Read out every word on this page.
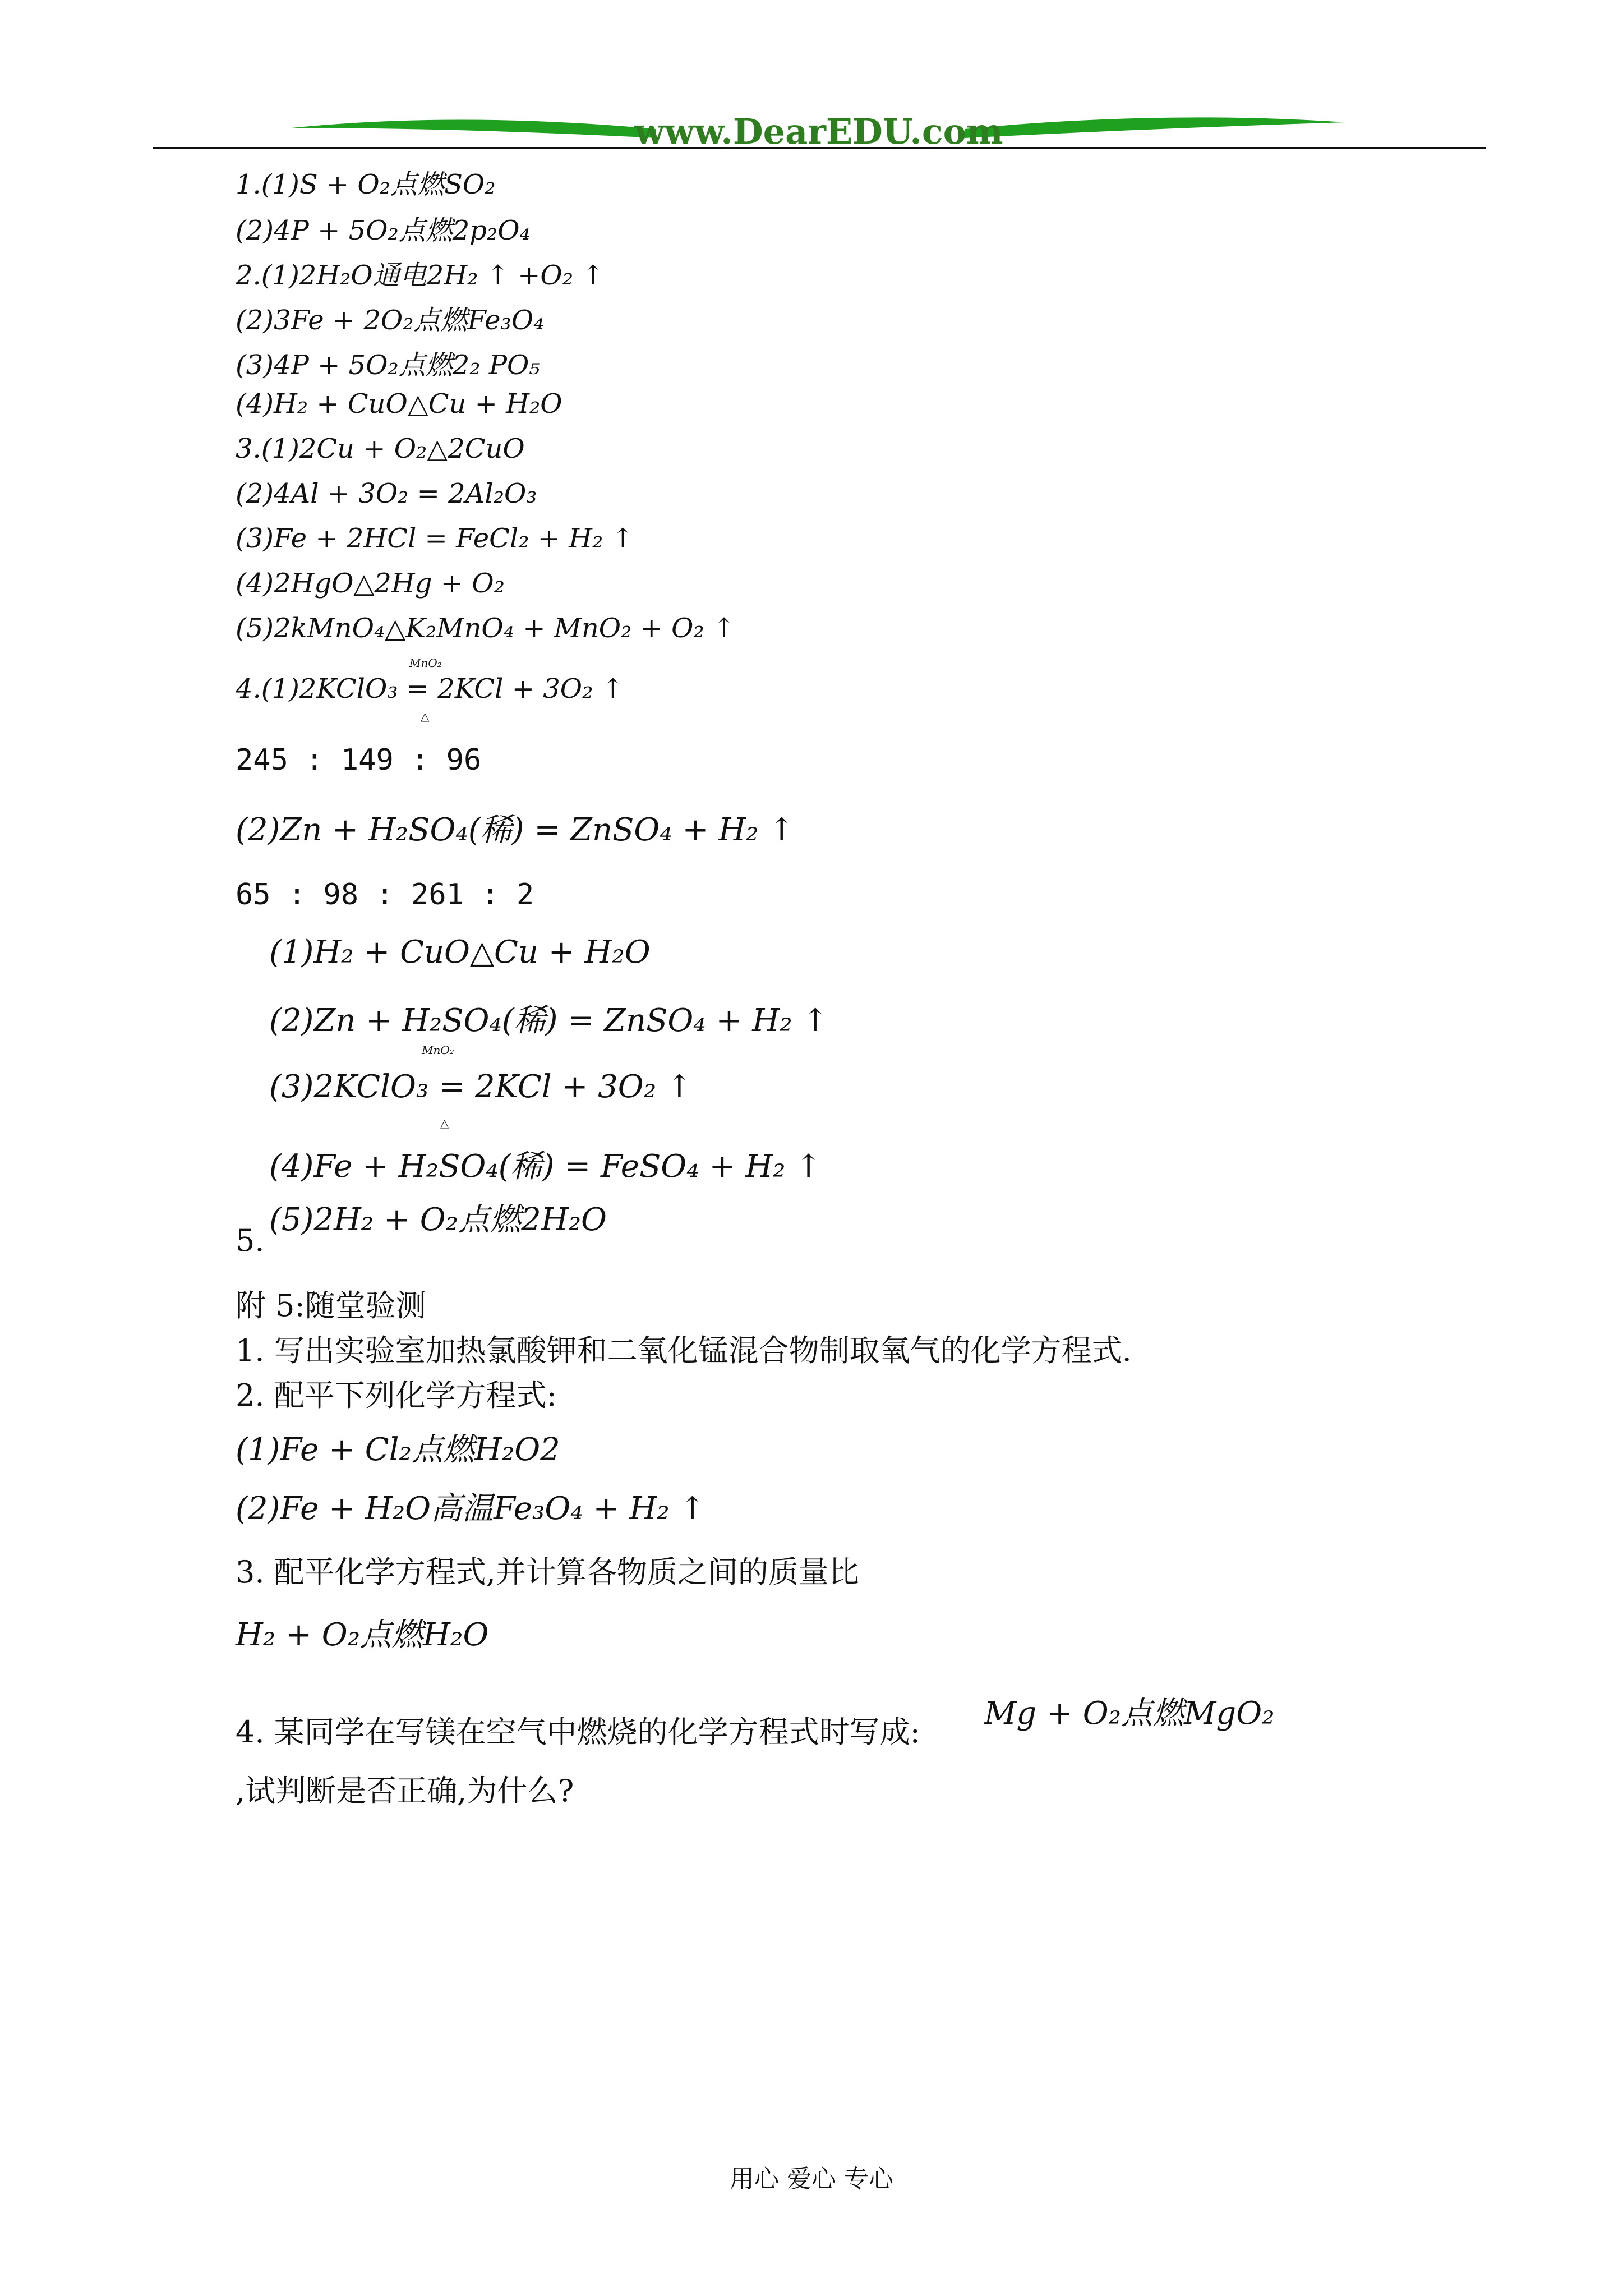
www.DearEDU.com
1.(1)S + O₂点燃SO₂
(2)4P + 5O₂点燃2p₂O₄
2.(1)2H₂O通电2H₂ ↑ +O₂ ↑
(2)3Fe + 2O₂点燃Fe₃O₄
(3)4P + 5O₂点燃2₂ PO₅
(4)H₂ + CuO△Cu + H₂O
3.(1)2Cu + O₂△2CuO
(2)4Al + 3O₂ = 2Al₂O₃
(3)Fe + 2HCl = FeCl₂ + H₂ ↑
(4)2HgO△2Hg + O₂
(5)2kMnO₄△K₂MnO₄ + MnO₂ + O₂ ↑
4.(1)2KClO₃ = 2KCl + 3O₂ ↑
MnO₂
△
245 : 149 : 96
(2)Zn + H₂SO₄(稀) = ZnSO₄ + H₂ ↑
65 : 98 : 261 : 2
(1)H₂ + CuO△Cu + H₂O
(2)Zn + H₂SO₄(稀) = ZnSO₄ + H₂ ↑
(3)2KClO₃ = 2KCl + 3O₂ ↑
(4)Fe + H₂SO₄(稀) = FeSO₄ + H₂ ↑
(5)2H₂ + O₂点燃2H₂O
MnO₂
△
5.
附 5:随堂验测
1. 写出实验室加热氯酸钾和二氧化锰混合物制取氧气的化学方程式.
2. 配平下列化学方程式:
(1)Fe + Cl₂点燃H₂O2
(2)Fe + H₂O高温Fe₃O₄ + H₂ ↑
3. 配平化学方程式,并计算各物质之间的质量比
H₂ + O₂点燃H₂O
4. 某同学在写镁在空气中燃烧的化学方程式时写成:
Mg + O₂点燃MgO₂
,试判断是否正确,为什么?
用心 爱心 专心
